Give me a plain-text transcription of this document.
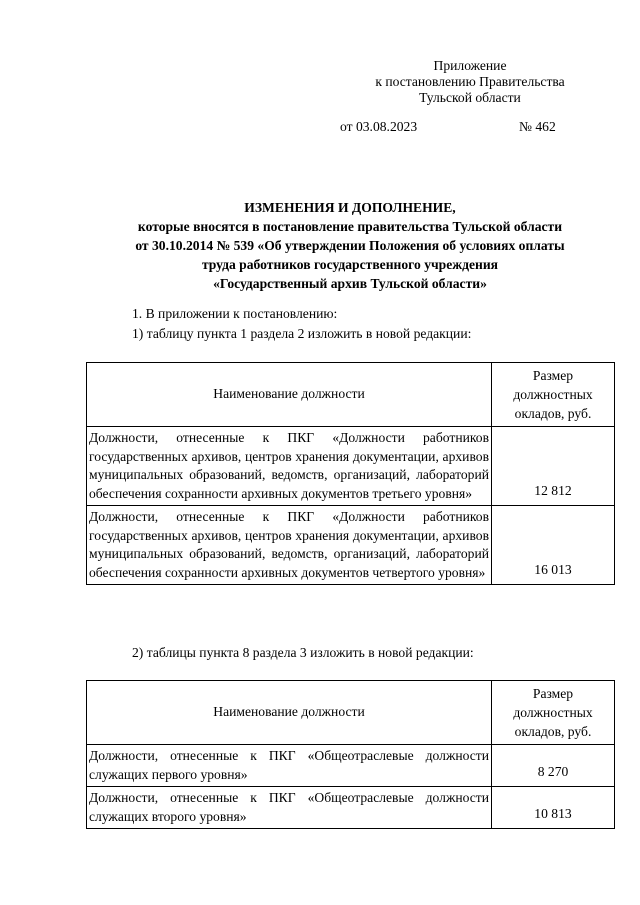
Приложение
к постановлению Правительства
Тульской области
от 03.08.2023	№ 462
ИЗМЕНЕНИЯ И ДОПОЛНЕНИЕ,
которые вносятся в постановление правительства Тульской области
от 30.10.2014 № 539 «Об утверждении Положения об условиях оплаты
труда работников государственного учреждения
«Государственный архив Тульской области»
1. В приложении к постановлению:
1) таблицу пункта 1 раздела 2 изложить в новой редакции:
Наименование должности	Размер
должностных
окладов, руб.

Должности, отнесенные к ПКГ «Должности работников государственных архивов, центров хранения документации, архивов муниципальных образований, ведомств, организаций, лабораторий обеспечения сохранности архивных документов третьего уровня»	12 812
Должности, отнесенные к ПКГ «Должности работников государственных архивов, центров хранения документации, архивов муниципальных образований, ведомств, организаций, лабораторий обеспечения сохранности архивных документов четвертого уровня»	16 013
2) таблицы пункта 8 раздела 3 изложить в новой редакции:
Наименование должности	Размер
должностных
окладов, руб.

Должности, отнесенные к ПКГ «Общеотраслевые должности служащих первого уровня»	8 270
Должности, отнесенные к ПКГ «Общеотраслевые должности служащих второго уровня»	10 813
